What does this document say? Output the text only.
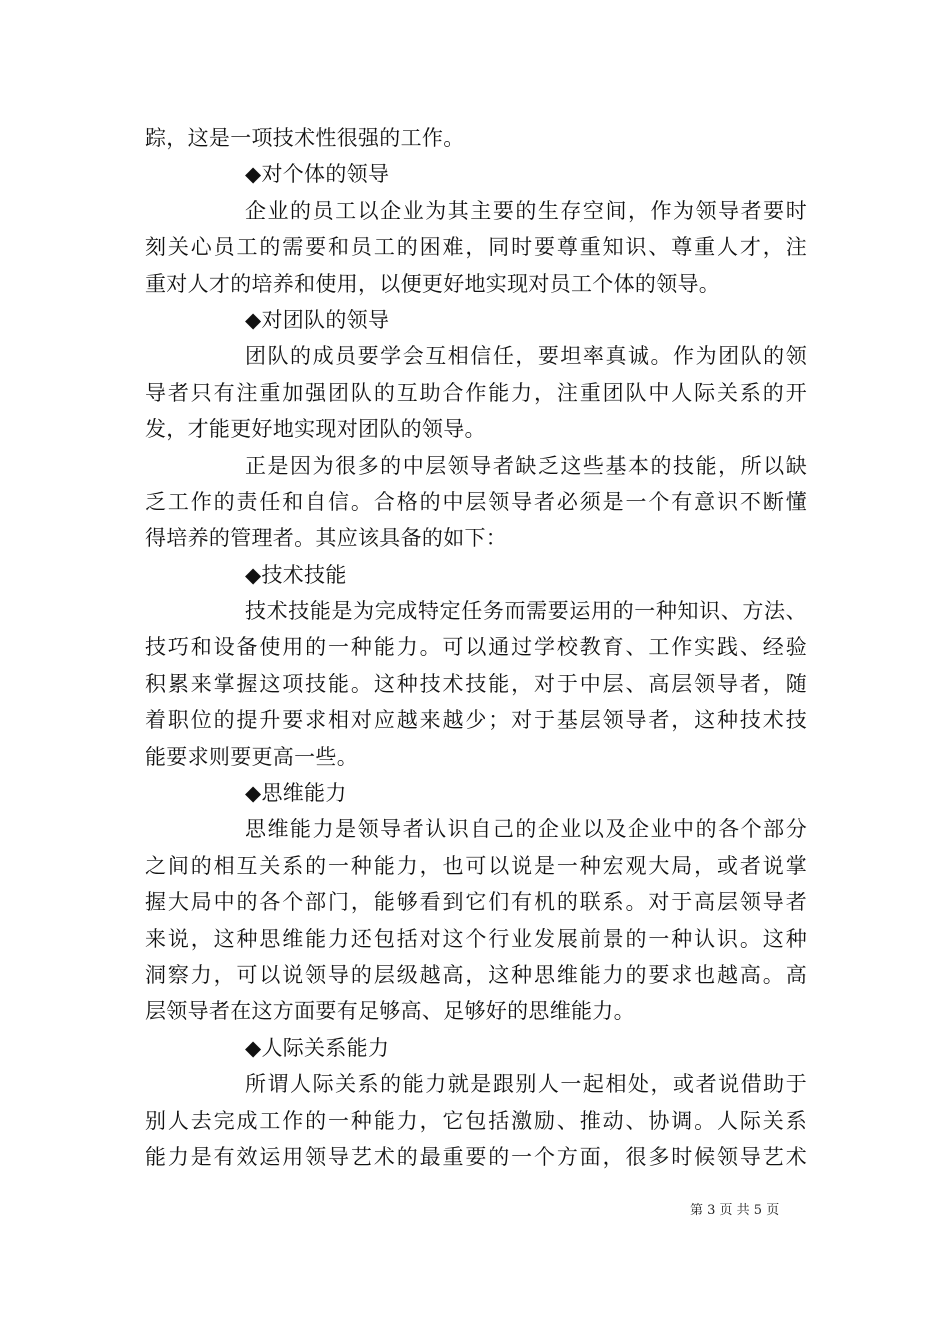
踪，这是一项技术性很强的工作。
◆对个体的领导
企业的员工以企业为其主要的生存空间，作为领导者要时
刻关心员工的需要和员工的困难，同时要尊重知识、尊重人才，注
重对人才的培养和使用，以便更好地实现对员工个体的领导。
◆对团队的领导
团队的成员要学会互相信任，要坦率真诚。作为团队的领
导者只有注重加强团队的互助合作能力，注重团队中人际关系的开
发，才能更好地实现对团队的领导。
正是因为很多的中层领导者缺乏这些基本的技能，所以缺
乏工作的责任和自信。合格的中层领导者必须是一个有意识不断懂
得培养的管理者。其应该具备的如下：
◆技术技能
技术技能是为完成特定任务而需要运用的一种知识、方法、
技巧和设备使用的一种能力。可以通过学校教育、工作实践、经验
积累来掌握这项技能。这种技术技能，对于中层、高层领导者，随
着职位的提升要求相对应越来越少；对于基层领导者，这种技术技
能要求则要更高一些。
◆思维能力
思维能力是领导者认识自己的企业以及企业中的各个部分
之间的相互关系的一种能力，也可以说是一种宏观大局，或者说掌
握大局中的各个部门，能够看到它们有机的联系。对于高层领导者
来说，这种思维能力还包括对这个行业发展前景的一种认识。这种
洞察力，可以说领导的层级越高，这种思维能力的要求也越高。高
层领导者在这方面要有足够高、足够好的思维能力。
◆人际关系能力
所谓人际关系的能力就是跟别人一起相处，或者说借助于
别人去完成工作的一种能力，它包括激励、推动、协调。人际关系
能力是有效运用领导艺术的最重要的一个方面，很多时候领导艺术
第 3 页 共 5 页
